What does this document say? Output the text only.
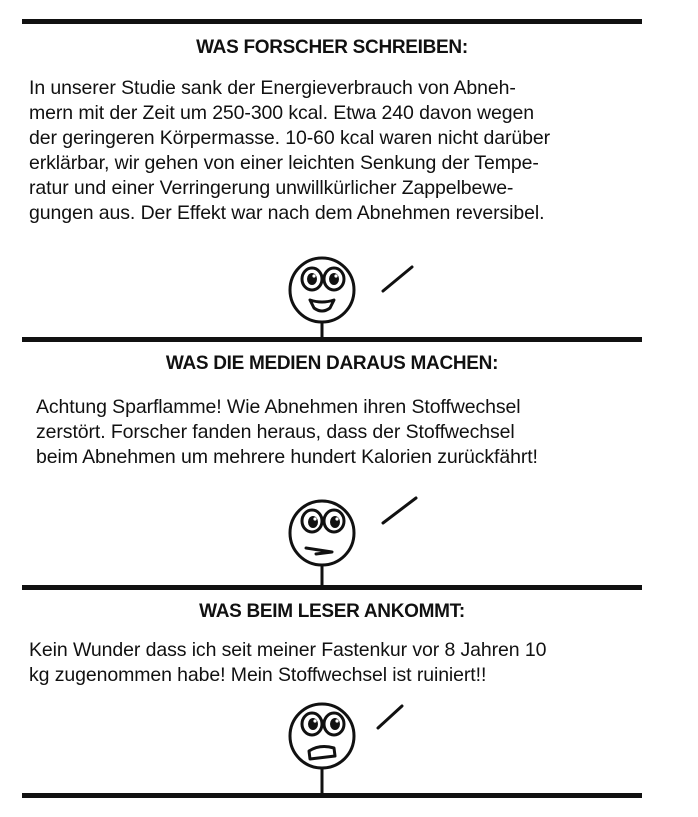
WAS FORSCHER SCHREIBEN:
In unserer Studie sank der Energieverbrauch von Abneh-
mern mit der Zeit um 250-300 kcal. Etwa 240 davon wegen
der geringeren Körpermasse. 10-60 kcal waren nicht darüber
erklärbar, wir gehen von einer leichten Senkung der Tempe-
ratur und einer Verringerung unwillkürlicher Zappelbewe-
gungen aus. Der Effekt war nach dem Abnehmen reversibel.
WAS DIE MEDIEN DARAUS MACHEN:
Achtung Sparflamme! Wie Abnehmen ihren Stoffwechsel
zerstört. Forscher fanden heraus, dass der Stoffwechsel
beim Abnehmen um mehrere hundert Kalorien zurückfährt!
WAS BEIM LESER ANKOMMT:
Kein Wunder dass ich seit meiner Fastenkur vor 8 Jahren 10
kg zugenommen habe! Mein Stoffwechsel ist ruiniert!!
